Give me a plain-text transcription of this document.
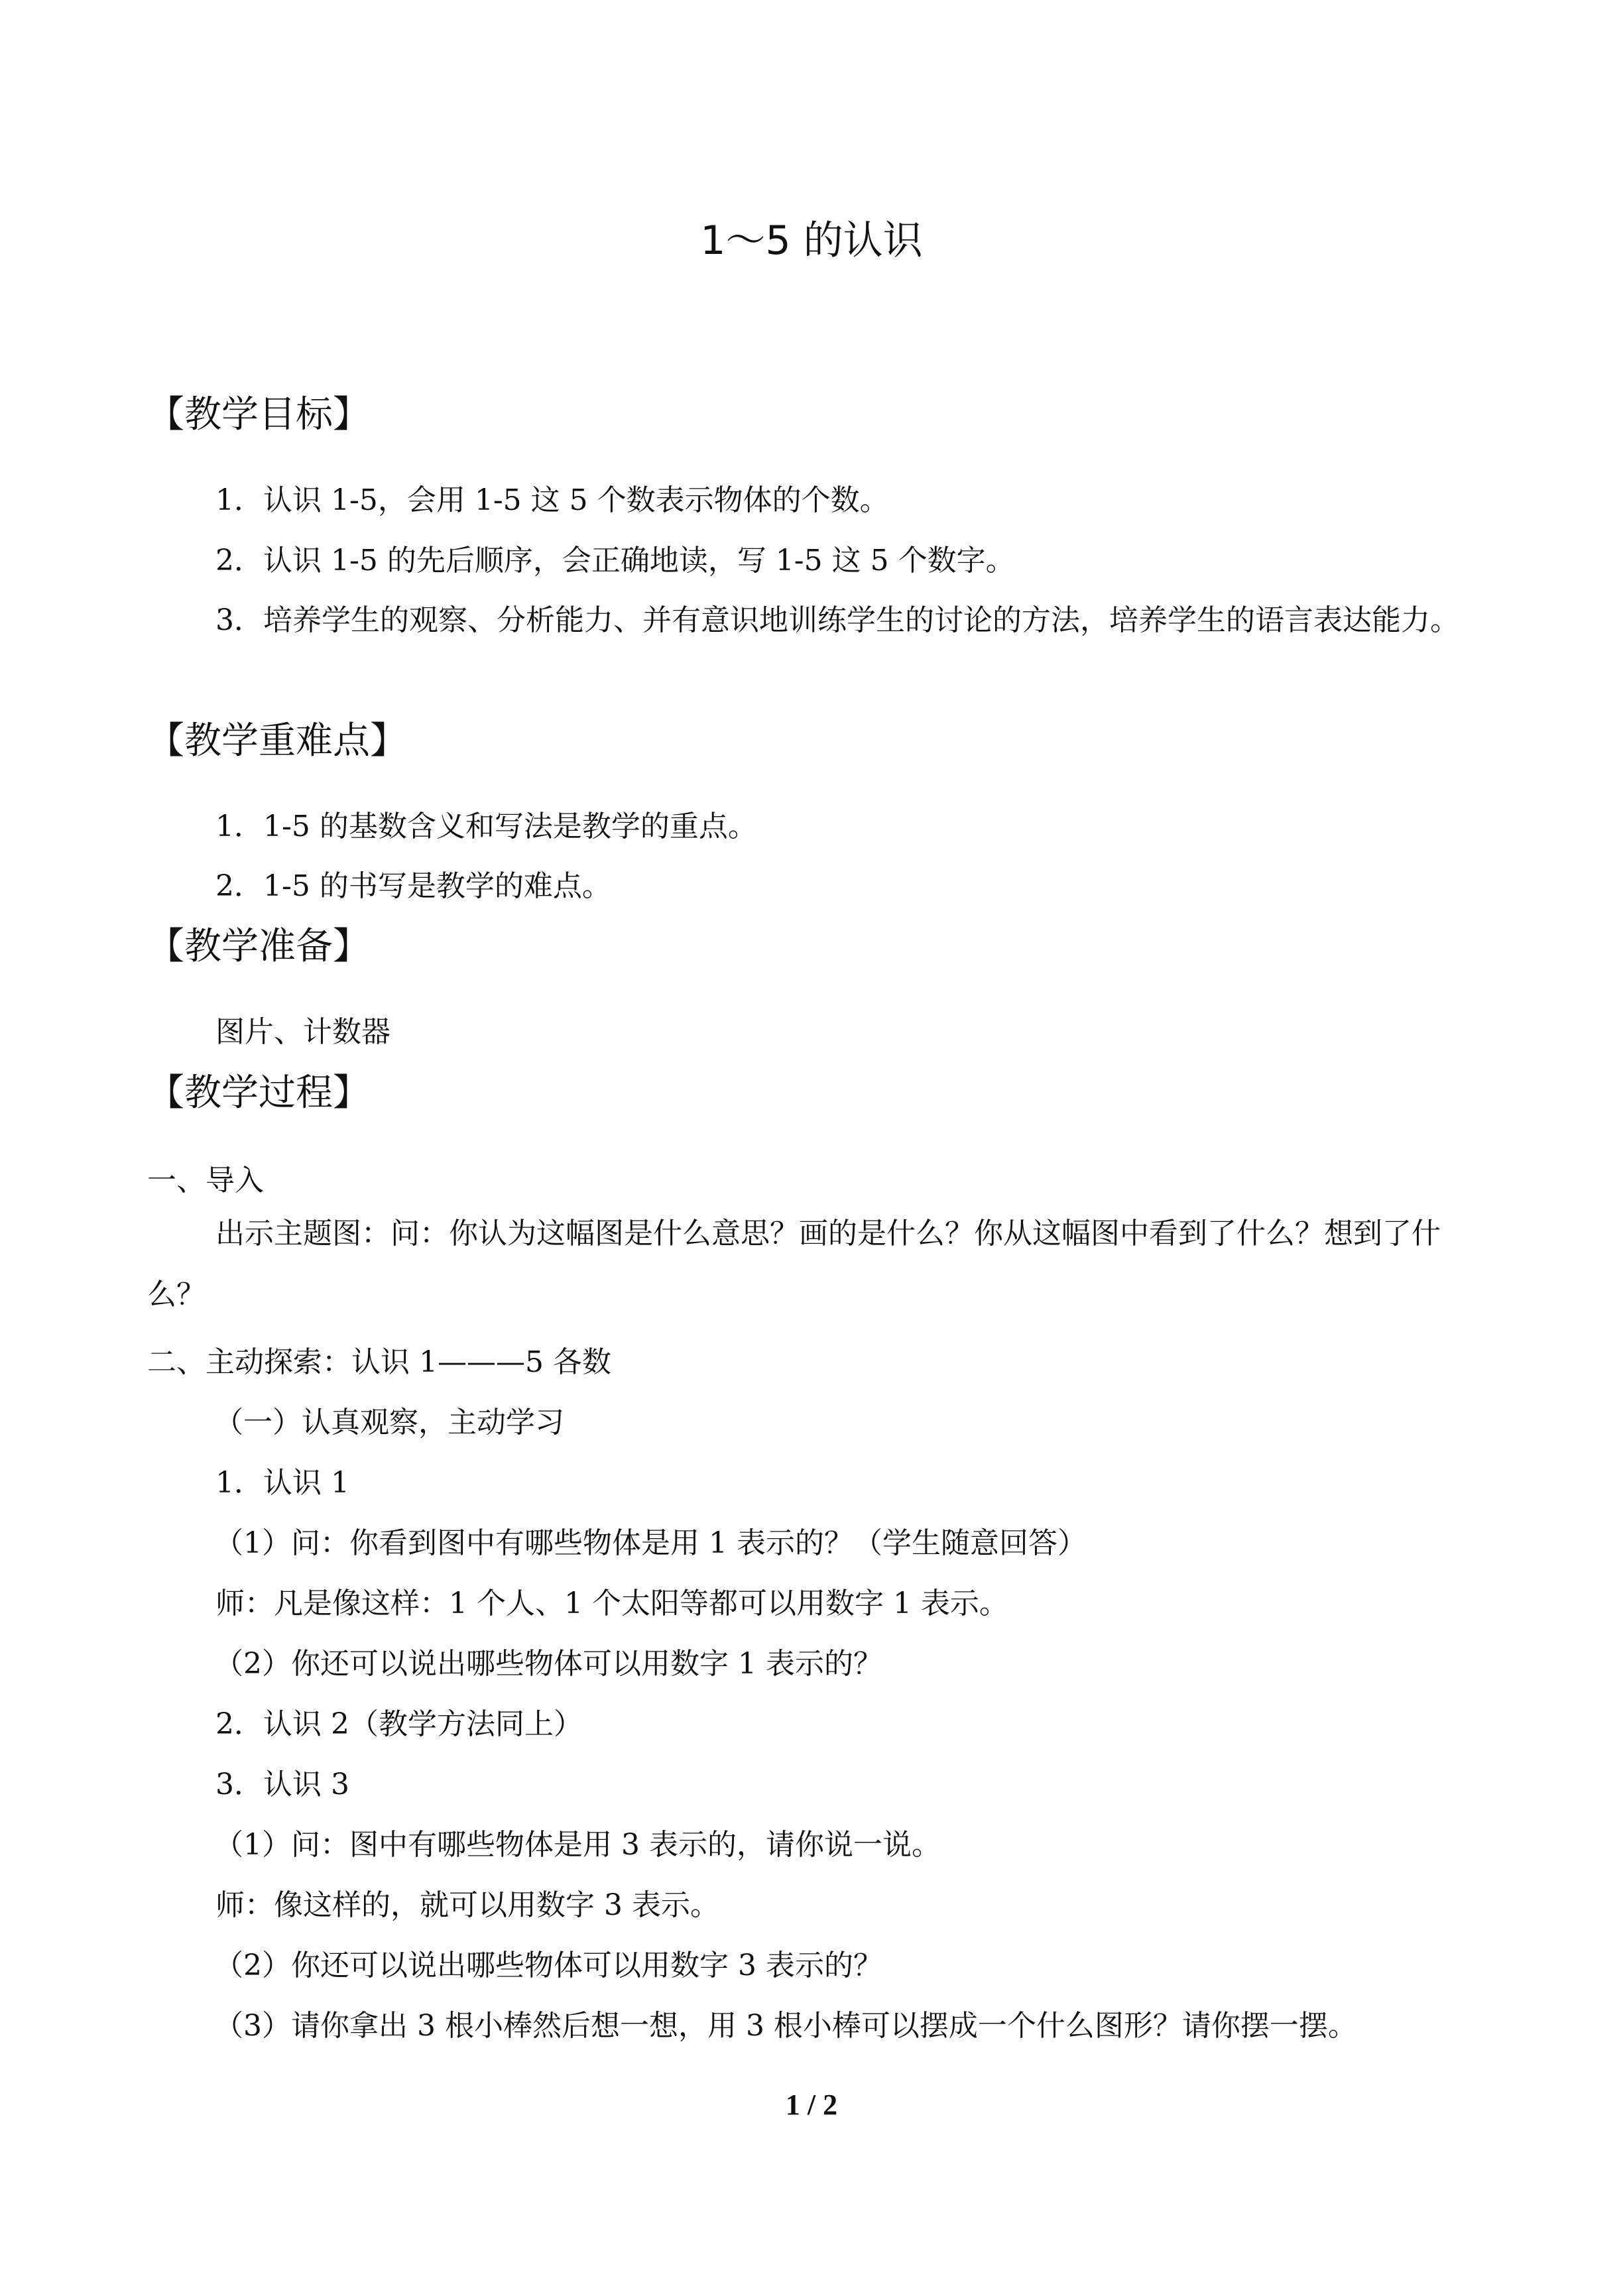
1～5 的认识
【教学目标】
1．认识 1-5，会用 1-5 这 5 个数表示物体的个数。
2．认识 1-5 的先后顺序，会正确地读，写 1-5 这 5 个数字。
3．培养学生的观察、分析能力、并有意识地训练学生的讨论的方法，培养学生的语言表达能力。
【教学重难点】
1．1-5 的基数含义和写法是教学的重点。
2．1-5 的书写是教学的难点。
【教学准备】
图片、计数器
【教学过程】
一、导入
出示主题图：问：你认为这幅图是什么意思？画的是什么？你从这幅图中看到了什么？想到了什么？
二、主动探索：认识 1———5 各数
（一）认真观察，主动学习
1．认识 1
（1）问：你看到图中有哪些物体是用 1 表示的？（学生随意回答）
师：凡是像这样：1 个人、1 个太阳等都可以用数字 1 表示。
（2）你还可以说出哪些物体可以用数字 1 表示的？
2．认识 2（教学方法同上）
3．认识 3
（1）问：图中有哪些物体是用 3 表示的，请你说一说。
师：像这样的，就可以用数字 3 表示。
（2）你还可以说出哪些物体可以用数字 3 表示的？
（3）请你拿出 3 根小棒然后想一想，用 3 根小棒可以摆成一个什么图形？请你摆一摆。
1 / 2
